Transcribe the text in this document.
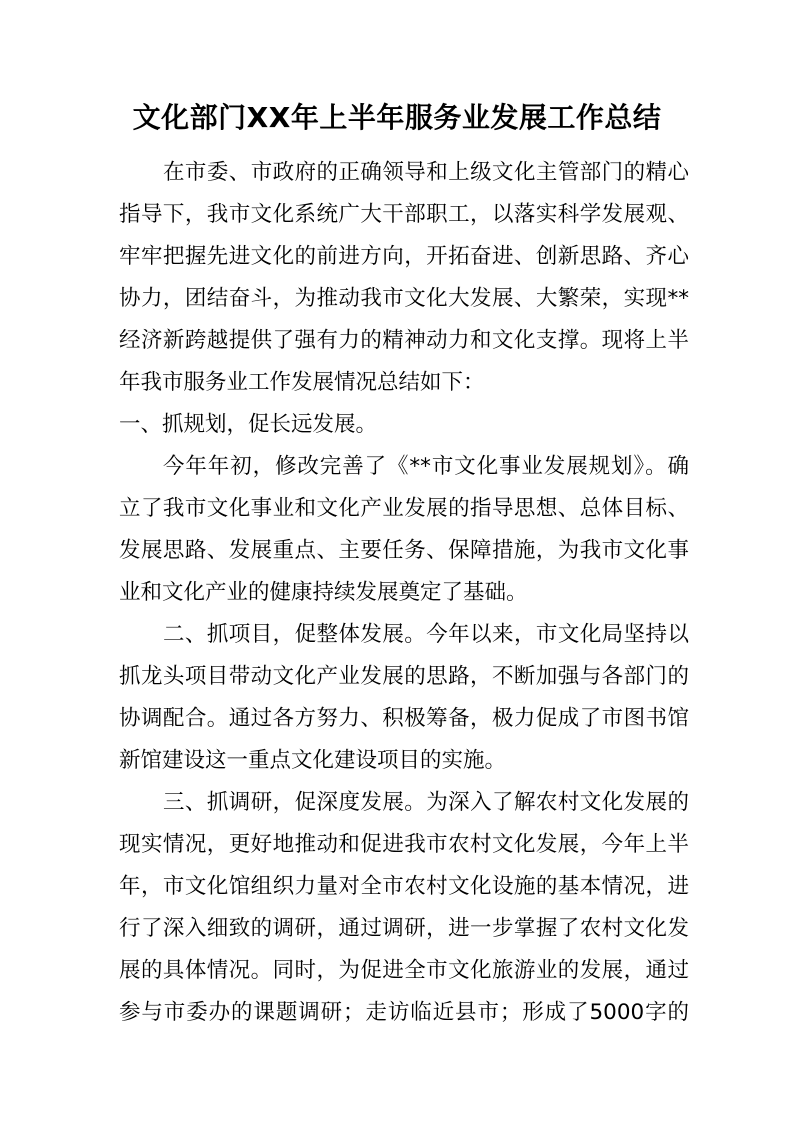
文化部门XX年上半年服务业发展工作总结
在市委、市政府的正确领导和上级文化主管部门的精心
指导下，我市文化系统广大干部职工，以落实科学发展观、
牢牢把握先进文化的前进方向，开拓奋进、创新思路、齐心
协力，团结奋斗，为推动我市文化大发展、大繁荣，实现**
经济新跨越提供了强有力的精神动力和文化支撑。现将上半
年我市服务业工作发展情况总结如下：
一、抓规划，促长远发展。
今年年初，修改完善了《**市文化事业发展规划》。确
立了我市文化事业和文化产业发展的指导思想、总体目标、
发展思路、发展重点、主要任务、保障措施，为我市文化事
业和文化产业的健康持续发展奠定了基础。
二、抓项目，促整体发展。今年以来，市文化局坚持以
抓龙头项目带动文化产业发展的思路，不断加强与各部门的
协调配合。通过各方努力、积极筹备，极力促成了市图书馆
新馆建设这一重点文化建设项目的实施。
三、抓调研，促深度发展。为深入了解农村文化发展的
现实情况，更好地推动和促进我市农村文化发展，今年上半
年，市文化馆组织力量对全市农村文化设施的基本情况，进
行了深入细致的调研，通过调研，进一步掌握了农村文化发
展的具体情况。同时，为促进全市文化旅游业的发展，通过
参与市委办的课题调研；走访临近县市；形成了5000字的
